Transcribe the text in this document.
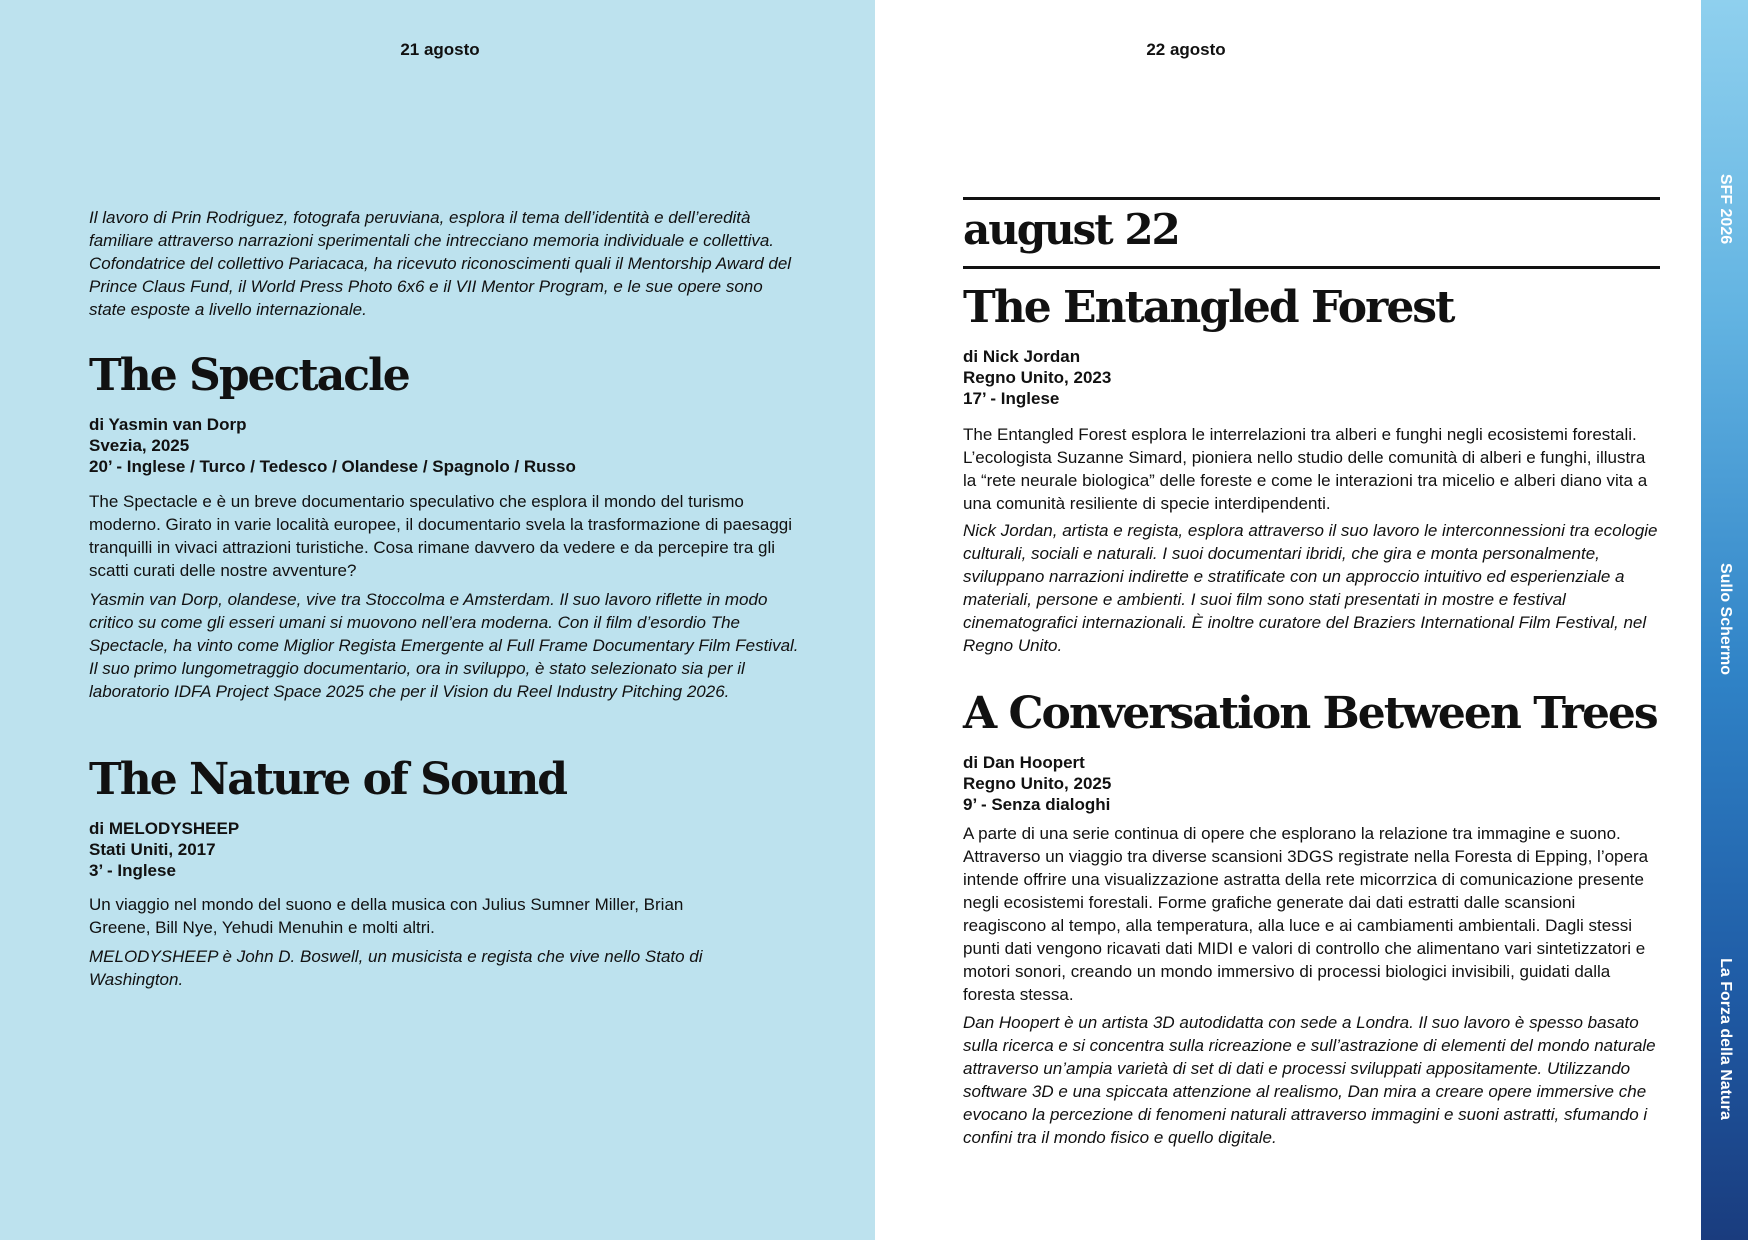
21 agosto

Il lavoro di Prin Rodriguez, fotografa peruviana, esplora il tema dell’identità e dell’eredità familiare attraverso narrazioni sperimentali che intrecciano memoria individuale e collettiva. Cofondatrice del collettivo Pariacaca, ha ricevuto riconoscimenti quali il Mentorship Award del Prince Claus Fund, il World Press Photo 6x6 e il VII Mentor Program, e le sue opere sono state esposte a livello internazionale.

The Spectacle
di Yasmin van Dorp
Svezia, 2025
20’ - Inglese / Turco / Tedesco / Olandese / Spagnolo / Russo

The Spectacle e è un breve documentario speculativo che esplora il mondo del turismo moderno. Girato in varie località europee, il documentario svela la trasformazione di paesaggi tranquilli in vivaci attrazioni turistiche. Cosa rimane davvero da vedere e da percepire tra gli scatti curati delle nostre avventure?

Yasmin van Dorp, olandese, vive tra Stoccolma e Amsterdam. Il suo lavoro riflette in modo critico su come gli esseri umani si muovono nell’era moderna. Con il film d’esordio The Spectacle, ha vinto come Miglior Regista Emergente al Full Frame Documentary Film Festival. Il suo primo lungometraggio documentario, ora in sviluppo, è stato selezionato sia per il laboratorio IDFA Project Space 2025 che per il Vision du Reel Industry Pitching 2026.

The Nature of Sound
di MELODYSHEEP
Stati Uniti, 2017
3’ - Inglese

Un viaggio nel mondo del suono e della musica con Julius Sumner Miller, Brian Greene, Bill Nye, Yehudi Menuhin e molti altri.

MELODYSHEEP è John D. Boswell, un musicista e regista che vive nello Stato di Washington.

22 agosto
august 22
The Entangled Forest
di Nick Jordan
Regno Unito, 2023
17’ - Inglese

The Entangled Forest esplora le interrelazioni tra alberi e funghi negli ecosistemi forestali. L’ecologista Suzanne Simard, pioniera nello studio delle comunità di alberi e funghi, illustra la “rete neurale biologica” delle foreste e come le interazioni tra micelio e alberi diano vita a una comunità resiliente di specie interdipendenti.

Nick Jordan, artista e regista, esplora attraverso il suo lavoro le interconnessioni tra ecologie culturali, sociali e naturali. I suoi documentari ibridi, che gira e monta personalmente, sviluppano narrazioni indirette e stratificate con un approccio intuitivo ed esperienziale a materiali, persone e ambienti. I suoi film sono stati presentati in mostre e festival cinematografici internazionali. È inoltre curatore del Braziers International Film Festival, nel Regno Unito.

A Conversation Between Trees
di Dan Hoopert
Regno Unito, 2025
9’ - Senza dialoghi

A parte di una serie continua di opere che esplorano la relazione tra immagine e suono. Attraverso un viaggio tra diverse scansioni 3DGS registrate nella Foresta di Epping, l’opera intende offrire una visualizzazione astratta della rete micorrzica di comunicazione presente negli ecosistemi forestali. Forme grafiche generate dai dati estratti dalle scansioni reagiscono al tempo, alla temperatura, alla luce e ai cambiamenti ambientali. Dagli stessi punti dati vengono ricavati dati MIDI e valori di controllo che alimentano vari sintetizzatori e motori sonori, creando un mondo immersivo di processi biologici invisibili, guidati dalla foresta stessa.

Dan Hoopert è un artista 3D autodidatta con sede a Londra. Il suo lavoro è spesso basato sulla ricerca e si concentra sulla ricreazione e sull’astrazione di elementi del mondo naturale attraverso un’ampia varietà di set di dati e processi sviluppati appositamente. Utilizzando software 3D e una spiccata attenzione al realismo, Dan mira a creare opere immersive che evocano la percezione di fenomeni naturali attraverso immagini e suoni astratti, sfumando i confini tra il mondo fisico e quello digitale.

SFF 2026
Sullo Schermo
La Forza della Natura
